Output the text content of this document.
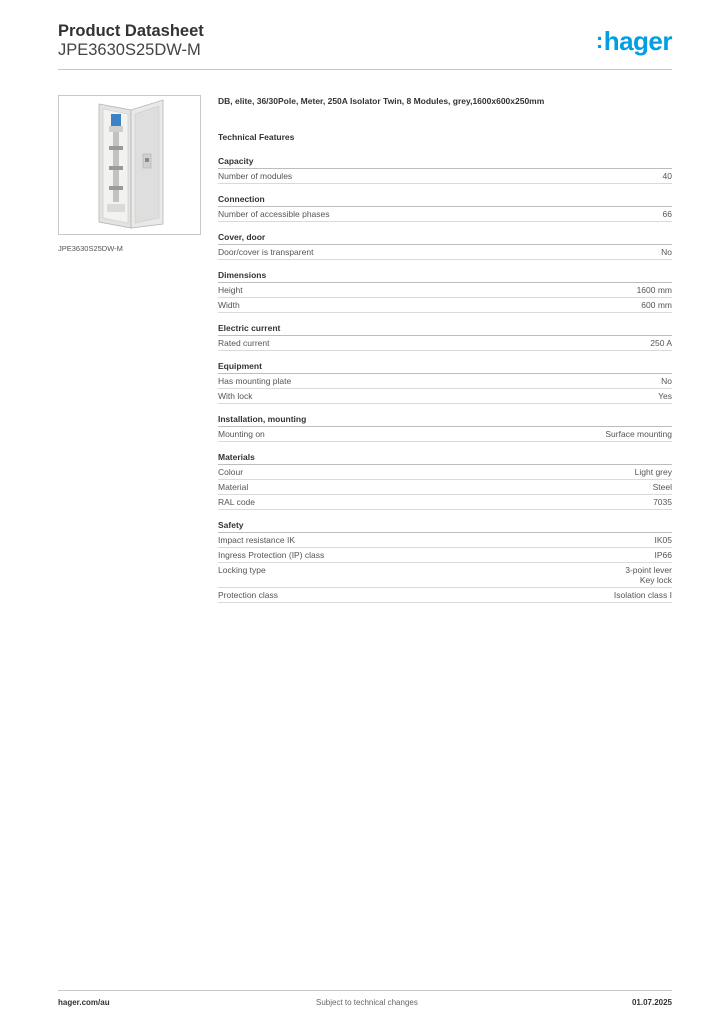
Product Datasheet
JPE3630S25DW-M	:hager
JPE3630S25DW-M
DB, elite, 36/30Pole, Meter, 250A Isolator Twin, 8 Modules, grey,1600x600x250mm
Technical Features
Capacity
Number of modules	40
Connection
Number of accessible phases	66
Cover, door
Door/cover is transparent	No
Dimensions
Height	1600 mm
Width	600 mm
Electric current
Rated current	250 A
Equipment
Has mounting plate	No
With lock	Yes
Installation, mounting
Mounting on	Surface mounting
Materials
Colour	Light grey
Material	Steel
RAL code	7035
Safety
Impact resistance IK	IK05
Ingress Protection (IP) class	IP66
Locking type	3-point lever
Key lock
Protection class	Isolation class I
hager.com/au	Subject to technical changes	01.07.2025
